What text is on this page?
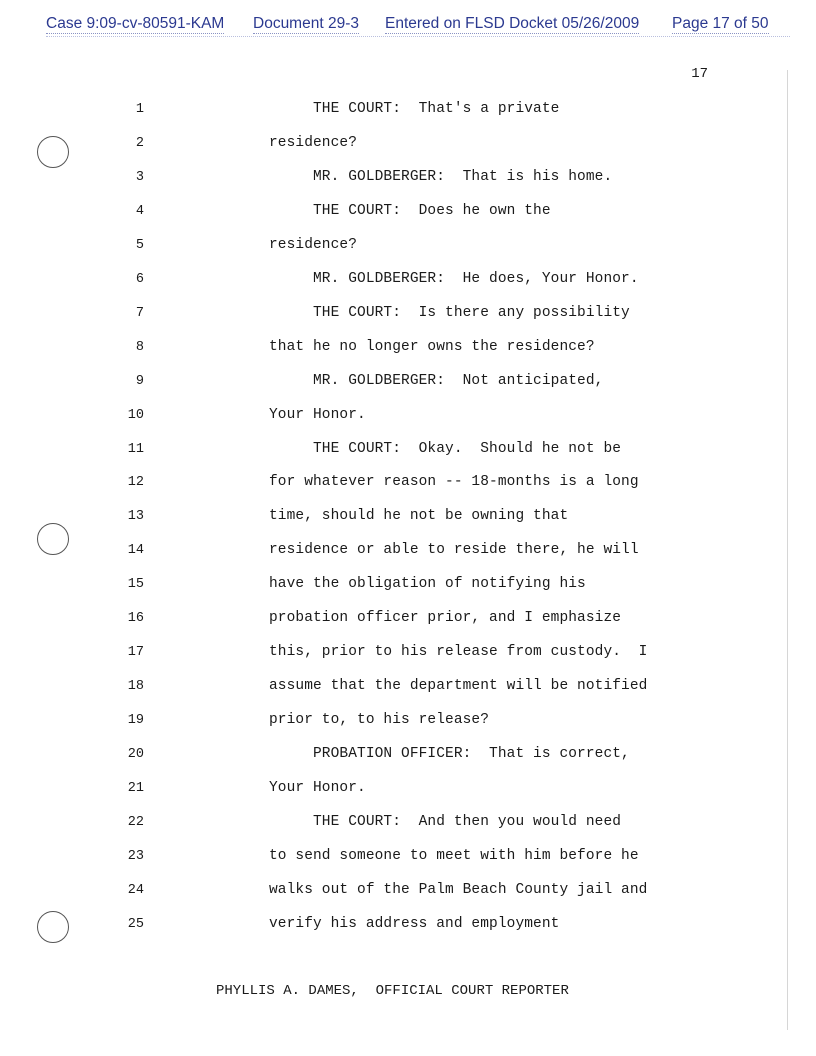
Case 9:09-cv-80591-KAM Document 29-3 Entered on FLSD Docket 05/26/2009 Page 17 of 50
17
1	THE COURT:  That's a private
2	residence?
3	MR. GOLDBERGER:  That is his home.
4	THE COURT:  Does he own the
5	residence?
6	MR. GOLDBERGER:  He does, Your Honor.
7	THE COURT:  Is there any possibility
8	that he no longer owns the residence?
9	MR. GOLDBERGER:  Not anticipated,
10	Your Honor.
11	THE COURT:  Okay.  Should he not be
12	for whatever reason -- 18-months is a long
13	time, should he not be owning that
14	residence or able to reside there, he will
15	have the obligation of notifying his
16	probation officer prior, and I emphasize
17	this, prior to his release from custody.  I
18	assume that the department will be notified
19	prior to, to his release?
20	PROBATION OFFICER:  That is correct,
21	Your Honor.
22	THE COURT:  And then you would need
23	to send someone to meet with him before he
24	walks out of the Palm Beach County jail and
25	verify his address and employment
PHYLLIS A. DAMES,  OFFICIAL COURT REPORTER
